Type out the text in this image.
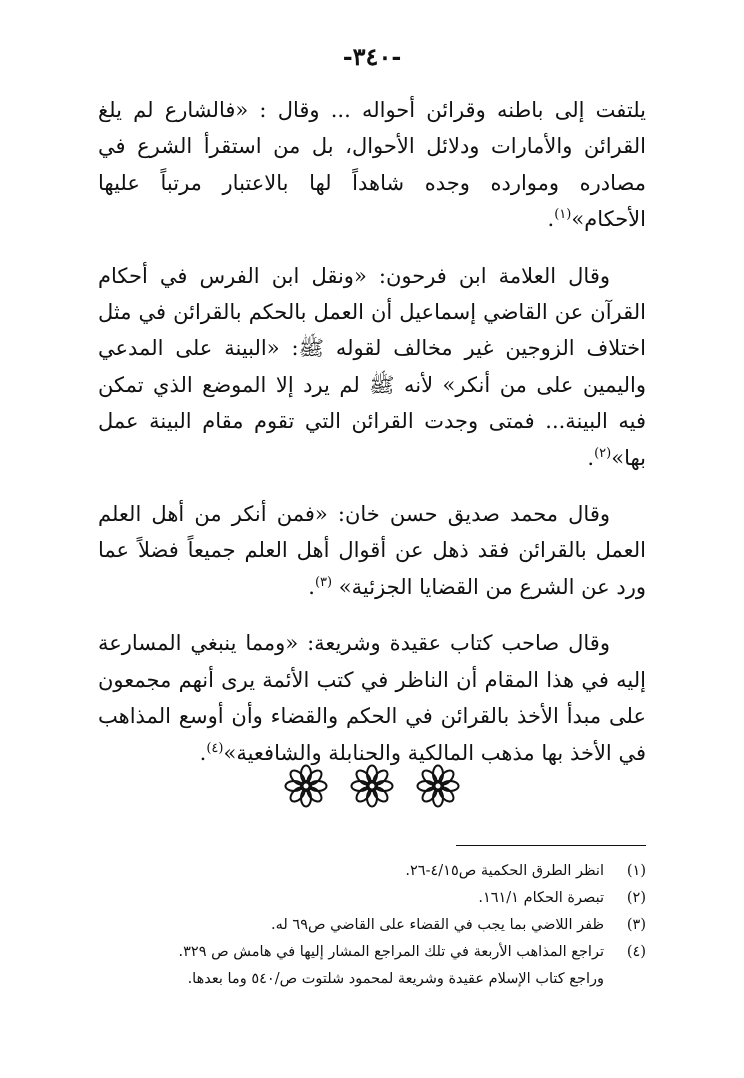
-٣٤٠-

يلتفت إلى باطنه وقرائن أحواله ... وقال : «فالشارع لم يلغ القرائن والأمارات ودلائل الأحوال، بل من استقرأ الشرع في مصادره وموارده وجده شاهداً لها بالاعتبار مرتباً عليها الأحكام»$^{(١)}$.

وقال العلامة ابن فرحون: «ونقل ابن الفرس في أحكام القرآن عن القاضي إسماعيل أن العمل بالحكم بالقرائن في مثل اختلاف الزوجين غير مخالف لقوله ﷺ: «البينة على المدعي واليمين على من أنكر» لأنه ﷺ لم يرد إلا الموضع الذي تمكن فيه البينة... فمتى وجدت القرائن التي تقوم مقام البينة عمل بها»$^{(٢)}$.

وقال محمد صديق حسن خان: «فمن أنكر من أهل العلم العمل بالقرائن فقد ذهل عن أقوال أهل العلم جميعاً فضلاً عما ورد عن الشرع من القضايا الجزئية» $^{(٣)}$.

وقال صاحب كتاب عقيدة وشريعة: «ومما ينبغي المسارعة إليه في هذا المقام أن الناظر في كتب الأئمة يرى أنهم مجمعون على مبدأ الأخذ بالقرائن في الحكم والقضاء وأن أوسع المذاهب في الأخذ بها مذهب المالكية والحنابلة والشافعية»$^{(٤)}$.

(١)
انظر الطرق الحكمية ص٤/١٥-٢٦.
(٢)
تبصرة الحكام ١٦١/١.
(٣)
ظفر اللاضي بما يجب في القضاء على القاضي ص٦٩ له.
(٤)
تراجع المذاهب الأربعة في تلك المراجع المشار إليها في هامش ص ٣٢٩.
وراجع كتاب الإسلام عقيدة وشريعة لمحمود شلتوت ص/٥٤٠ وما بعدها.
